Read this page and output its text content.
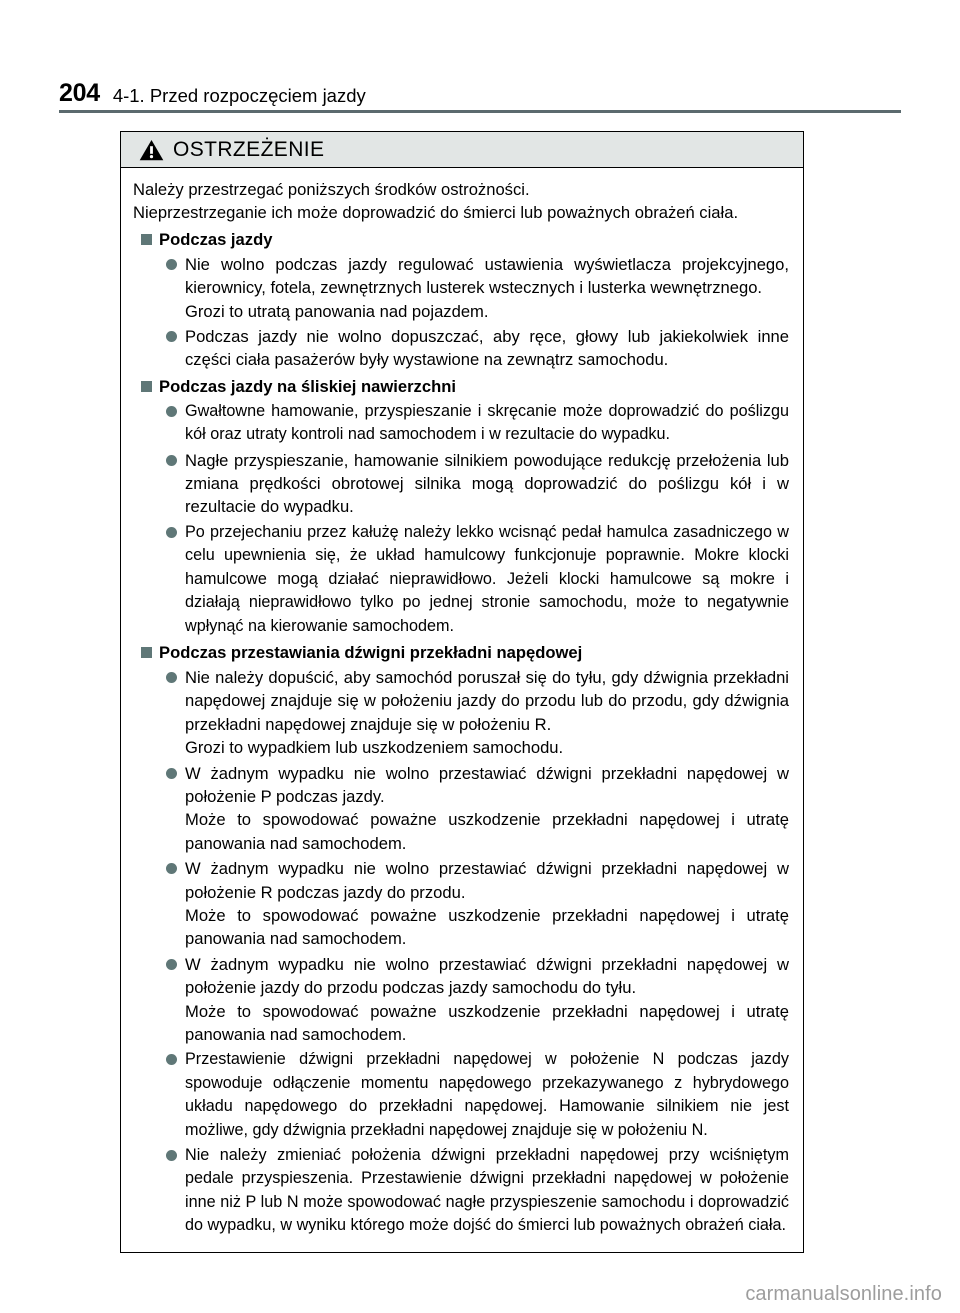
204 4-1. Przed rozpoczęciem jazdy
OSTRZEŻENIE
Należy przestrzegać poniższych środków ostrożności.
Nieprzestrzeganie ich może doprowadzić do śmierci lub poważnych obrażeń ciała.
Podczas jazdy
Nie wolno podczas jazdy regulować ustawienia wyświetlacza projekcyjnego, kierownicy, fotela, zewnętrznych lusterek wstecznych i lusterka wewnętrznego.
Grozi to utratą panowania nad pojazdem.
Podczas jazdy nie wolno dopuszczać, aby ręce, głowy lub jakiekolwiek inne części ciała pasażerów były wystawione na zewnątrz samochodu.
Podczas jazdy na śliskiej nawierzchni
Gwałtowne hamowanie, przyspieszanie i skręcanie może doprowadzić do poślizgu kół oraz utraty kontroli nad samochodem i w rezultacie do wypadku.
Nagłe przyspieszanie, hamowanie silnikiem powodujące redukcję przełożenia lub zmiana prędkości obrotowej silnika mogą doprowadzić do poślizgu kół i w rezultacie do wypadku.
Po przejechaniu przez kałużę należy lekko wcisnąć pedał hamulca zasadniczego w celu upewnienia się, że układ hamulcowy funkcjonuje poprawnie. Mokre klocki hamulcowe mogą działać nieprawidłowo. Jeżeli klocki hamulcowe są mokre i działają nieprawidłowo tylko po jednej stronie samochodu, może to negatywnie wpłynąć na kierowanie samochodem.
Podczas przestawiania dźwigni przekładni napędowej
Nie należy dopuścić, aby samochód poruszał się do tyłu, gdy dźwignia przekładni napędowej znajduje się w położeniu jazdy do przodu lub do przodu, gdy dźwignia przekładni napędowej znajduje się w położeniu R.
Grozi to wypadkiem lub uszkodzeniem samochodu.
W żadnym wypadku nie wolno przestawiać dźwigni przekładni napędowej w położenie P podczas jazdy.
Może to spowodować poważne uszkodzenie przekładni napędowej i utratę panowania nad samochodem.
W żadnym wypadku nie wolno przestawiać dźwigni przekładni napędowej w położenie R podczas jazdy do przodu.
Może to spowodować poważne uszkodzenie przekładni napędowej i utratę panowania nad samochodem.
W żadnym wypadku nie wolno przestawiać dźwigni przekładni napędowej w położenie jazdy do przodu podczas jazdy samochodu do tyłu.
Może to spowodować poważne uszkodzenie przekładni napędowej i utratę panowania nad samochodem.
Przestawienie dźwigni przekładni napędowej w położenie N podczas jazdy spowoduje odłączenie momentu napędowego przekazywanego z hybrydowego układu napędowego do przekładni napędowej. Hamowanie silnikiem nie jest możliwe, gdy dźwignia przekładni napędowej znajduje się w położeniu N.
Nie należy zmieniać położenia dźwigni przekładni napędowej przy wciśniętym pedale przyspieszenia. Przestawienie dźwigni przekładni napędowej w położenie inne niż P lub N może spowodować nagłe przyspieszenie samochodu i doprowadzić do wypadku, w wyniku którego może dojść do śmierci lub poważnych obrażeń ciała.
carmanualsonline.info
